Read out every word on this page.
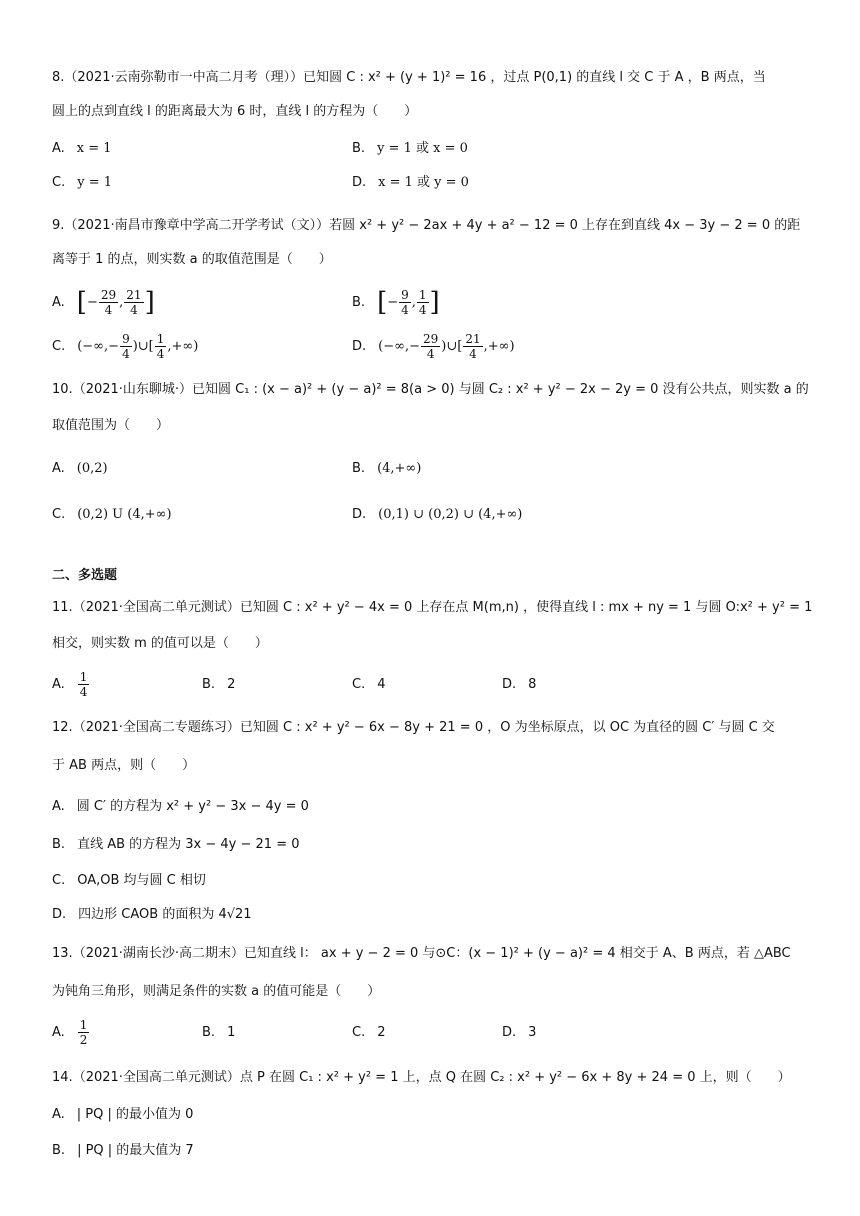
8.（2021·云南弥勒市一中高二月考（理））已知圆 C : x² + (y + 1)² = 16 ，过点 P(0,1) 的直线 l 交 C 于 A ，B 两点，当
圆上的点到直线 l 的距离最大为 6 时，直线 l 的方程为（　　）
A. x = 1	B. y = 1 或 x = 0
C. y = 1	D. x = 1 或 y = 0
9.（2021·南昌市豫章中学高二开学考试（文））若圆 x² + y² − 2ax + 4y + a² − 12 = 0 上存在到直线 4x − 3y − 2 = 0 的距
离等于 1 的点，则实数 a 的取值范围是（　　）
A. [− $\frac{29}{4}$ , $\frac{21}{4}$ ]	B. [− $\frac{9}{4}$ , $\frac{1}{4}$ ]
C. (−∞,− $\frac{9}{4}$ )∪[ $\frac{1}{4}$ ,+∞)	D. (−∞,− $\frac{29}{4}$ )∪[ $\frac{21}{4}$ ,+∞)
10.（2021·山东聊城·）已知圆 C₁ : (x − a)² + (y − a)² = 8(a > 0) 与圆 C₂ : x² + y² − 2x − 2y = 0 没有公共点，则实数 a 的
取值范围为（　　）
A. (0,2)	B. (4,+∞)
C. (0,2) U (4,+∞)	D. (0,1) ∪ (0,2) ∪ (4,+∞)
二、多选题
11.（2021·全国高二单元测试）已知圆 C : x² + y² − 4x = 0 上存在点 M(m,n) ，使得直线 l : mx + ny = 1 与圆 O:x² + y² = 1
相交，则实数 m 的值可以是（　　）
A. $\frac{1}{4}$	B. 2	C. 4	D. 8
12.（2021·全国高二专题练习）已知圆 C : x² + y² − 6x − 8y + 21 = 0 ，O 为坐标原点，以 OC 为直径的圆 C′ 与圆 C 交
于 AB 两点，则（　　）
A. 圆 C′ 的方程为 x² + y² − 3x − 4y = 0
B. 直线 AB 的方程为 3x − 4y − 21 = 0
C. OA,OB 均与圆 C 相切
D. 四边形 CAOB 的面积为 4√21
13.（2021·湖南长沙·高二期末）已知直线 l： ax + y − 2 = 0 与⊙C：(x − 1)² + (y − a)² = 4 相交于 A、B 两点，若 △ABC
为钝角三角形，则满足条件的实数 a 的值可能是（　　）
A. $\frac{1}{2}$	B. 1	C. 2	D. 3
14.（2021·全国高二单元测试）点 P 在圆 C₁ : x² + y² = 1 上，点 Q 在圆 C₂ : x² + y² − 6x + 8y + 24 = 0 上，则（　　）
A. | PQ | 的最小值为 0
B. | PQ | 的最大值为 7
